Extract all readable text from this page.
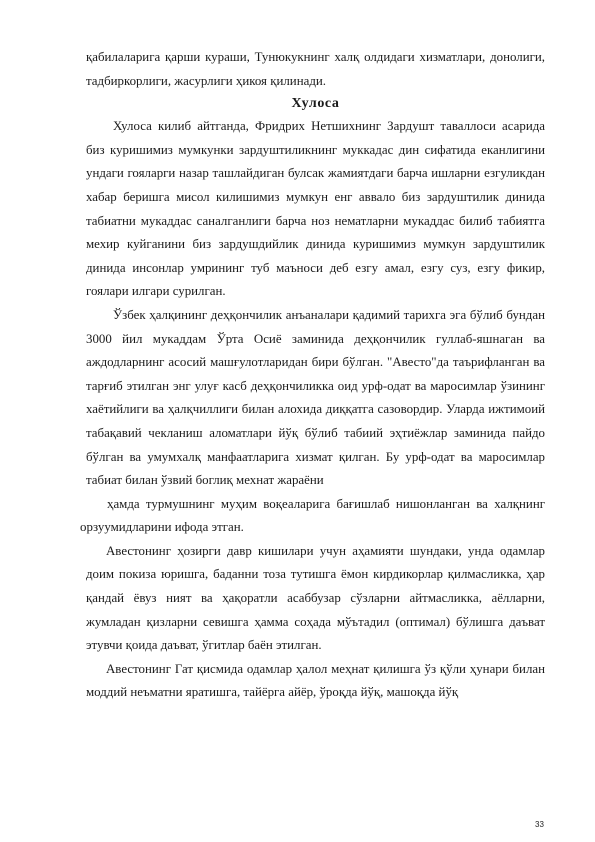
қабилаларига қарши кураши, Тунюкукнинг халқ олдидаги хизматлари, донолиги, тадбиркорлиги, жасурлиги ҳикоя қилинади.

Хулоса

Хулоса килиб айтганда, Фридрих Нетшихнинг Зардушт таваллоси асарида биз куришимиз мумкунки зардуштиликнинг муккадас дин сифатида еканлигини ундаги гояларги назар ташлайдиган булсак жамиятдаги барча ишларни езгуликдан хабар беришга мисол килишимиз мумкун енг аввало биз зардуштилик динида табиатни мукаддас саналганлиги барча ноз нематларни мукаддас билиб табиятга мехир куйганини биз зардушдийлик динида куришимиз мумкун зардуштилик динида инсонлар умрининг туб маъноси деб езгу амал, езгу суз, езгу фикир, гоялари илгари сурилган.

Ўзбек ҳалқининг деҳқончилик анъаналари қадимий тарихга эга бўлиб бундан 3000 йил мукаддам Ўрта Осиё заминида деҳқончилик гуллаб-яшнаган ва аждодларнинг асосий машғулотларидан бири бўлган. "Авесто"да таърифланган ва тарғиб этилган энг улуғ касб деҳқончиликка оид урф-одат ва маросимлар ўзининг хаётийлиги ва ҳалқчиллиги билан алохида диққатга сазовордир. Уларда ижтимоий табақавий чекланиш аломатлари йўқ бўлиб табиий эҳтиёжлар заминида пайдо бўлган ва умумхалқ манфаатларига хизмат қилган. Бу урф-одат ва маросимлар табиат билан ўзвий боглиқ мехнат жараёни

ҳамда турмушнинг муҳим воқеаларига бағишлаб нишонланган ва халқнинг орзуумидларини ифода этган.

Авестонинг ҳозирги давр кишилари учун аҳамияти шундаки, унда одамлар доим покиза юришга, баданни тоза тутишга ёмон кирдикорлар қилмасликка, ҳар қандай ёвуз ният ва ҳақоратли асаббузар сўзларни айтмасликка, аёлларни, жумладан қизларни севишга ҳамма соҳада мўътадил (оптимал) бўлишга даъват этувчи қоида даъват, ўгитлар баён этилган.

Авестонинг Гат қисмида одамлар ҳалол меҳнат қилишга ўз қўли ҳунари билан моддий неъматни яратишга, тайёрга айёр, ўроқда йўқ, машоқда йўқ

33
